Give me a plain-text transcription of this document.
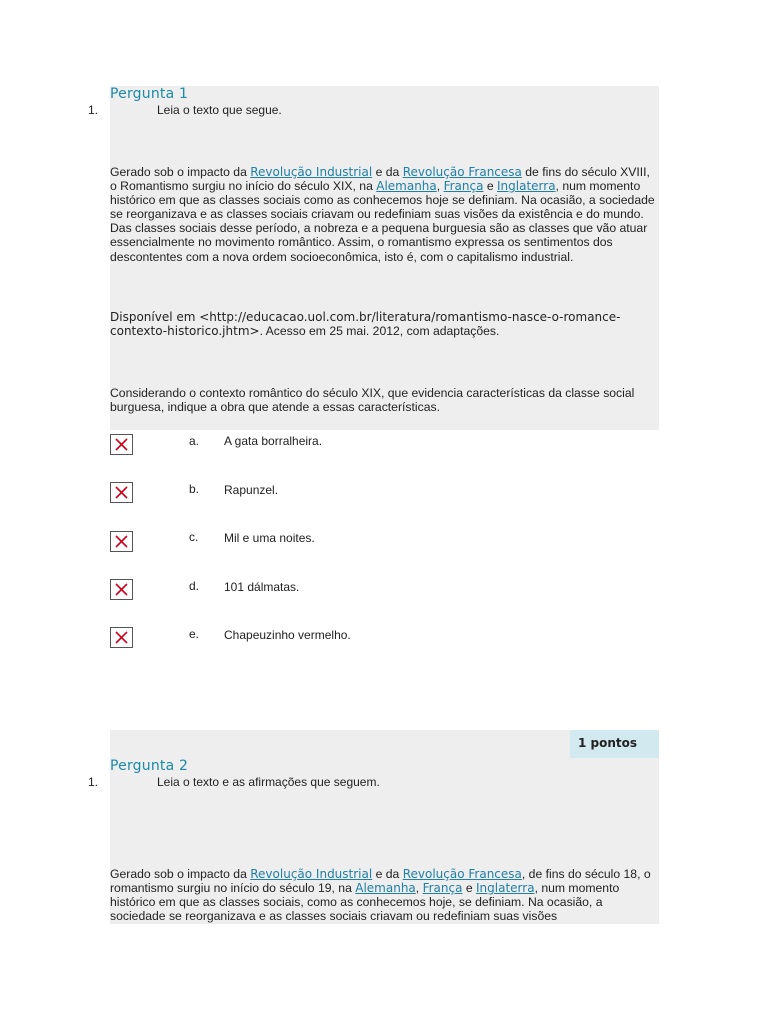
Pergunta 1
1.	Leia o texto que segue.
Gerado sob o impacto da Revolução Industrial e da Revolução Francesa de fins do século XVIII, o Romantismo surgiu no início do século XIX, na Alemanha, França e Inglaterra, num momento histórico em que as classes sociais como as conhecemos hoje se definiam. Na ocasião, a sociedade se reorganizava e as classes sociais criavam ou redefiniam suas visões da existência e do mundo. Das classes sociais desse período, a nobreza e a pequena burguesia são as classes que vão atuar essencialmente no movimento romântico. Assim, o romantismo expressa os sentimentos dos descontentes com a nova ordem socioeconômica, isto é, com o capitalismo industrial.
Disponível em <http://educacao.uol.com.br/literatura/romantismo-nasce-o-romance-contexto-historico.jhtm>. Acesso em 25 mai. 2012, com adaptações.
Considerando o contexto romântico do século XIX, que evidencia características da classe social burguesa, indique a obra que atende a essas características.
a. A gata borralheira.
b. Rapunzel.
c. Mil e uma noites.
d. 101 dálmatas.
e. Chapeuzinho vermelho.
1 pontos
Pergunta 2
1.	Leia o texto e as afirmações que seguem.
Gerado sob o impacto da Revolução Industrial e da Revolução Francesa, de fins do século 18, o romantismo surgiu no início do século 19, na Alemanha, França e Inglaterra, num momento histórico em que as classes sociais, como as conhecemos hoje, se definiam. Na ocasião, a sociedade se reorganizava e as classes sociais criavam ou redefiniam suas visões
